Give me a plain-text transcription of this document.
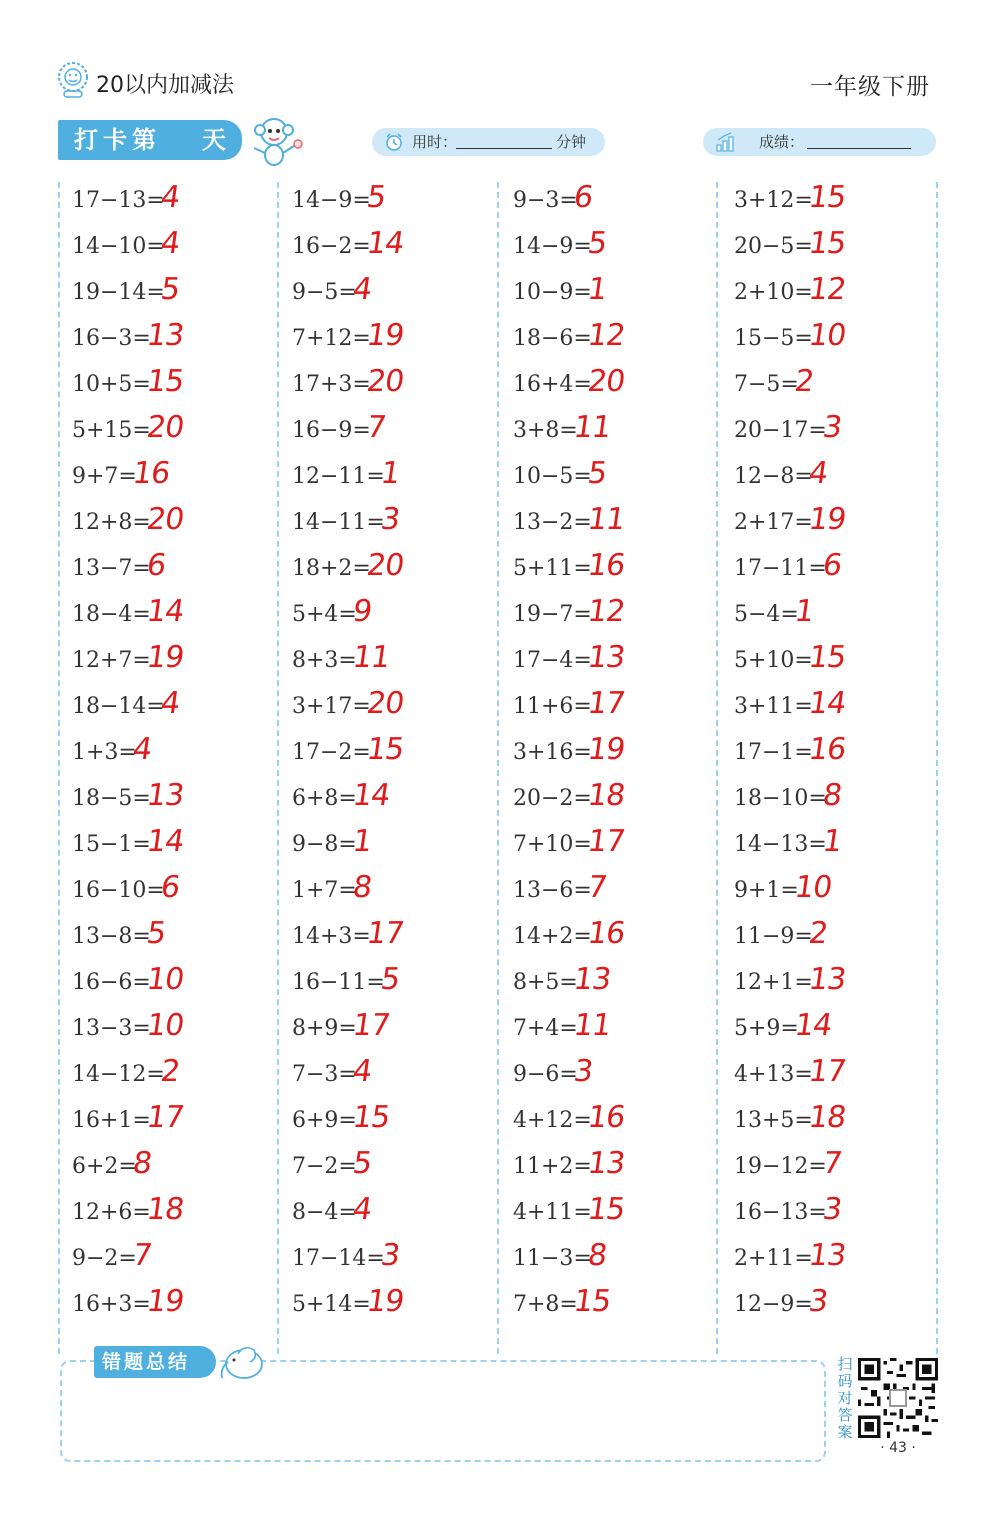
20以内加减法	一年级下册
打卡第 天	用时：	分钟	成绩：
17−13=
4
14−10=
4
19−14=
5
16−3=
13
10+5=
15
5+15=
20
9+7=
16
12+8=
20
13−7=
6
18−4=
14
12+7=
19
18−14=
4
1+3=
4
18−5=
13
15−1=
14
16−10=
6
13−8=
5
16−6=
10
13−3=
10
14−12=
2
16+1=
17
6+2=
8
12+6=
18
9−2=
7
16+3=
19
14−9=
5
16−2=
14
9−5=
4
7+12=
19
17+3=
20
16−9=
7
12−11=
1
14−11=
3
18+2=
20
5+4=
9
8+3=
11
3+17=
20
17−2=
15
6+8=
14
9−8=
1
1+7=
8
14+3=
17
16−11=
5
8+9=
17
7−3=
4
6+9=
15
7−2=
5
8−4=
4
17−14=
3
5+14=
19
9−3=
6
14−9=
5
10−9=
1
18−6=
12
16+4=
20
3+8=
11
10−5=
5
13−2=
11
5+11=
16
19−7=
12
17−4=
13
11+6=
17
3+16=
19
20−2=
18
7+10=
17
13−6=
7
14+2=
16
8+5=
13
7+4=
11
9−6=
3
4+12=
16
11+2=
13
4+11=
15
11−3=
8
7+8=
15
3+12=
15
20−5=
15
2+10=
12
15−5=
10
7−5=
2
20−17=
3
12−8=
4
2+17=
19
17−11=
6
5−4=
1
5+10=
15
3+11=
14
17−1=
16
18−10=
8
14−13=
1
9+1=
10
11−9=
2
12+1=
13
5+9=
14
4+13=
17
13+5=
18
19−12=
7
16−13=
3
2+11=
13
12−9=
3
错题总结	扫码对答案
· 43 ·
